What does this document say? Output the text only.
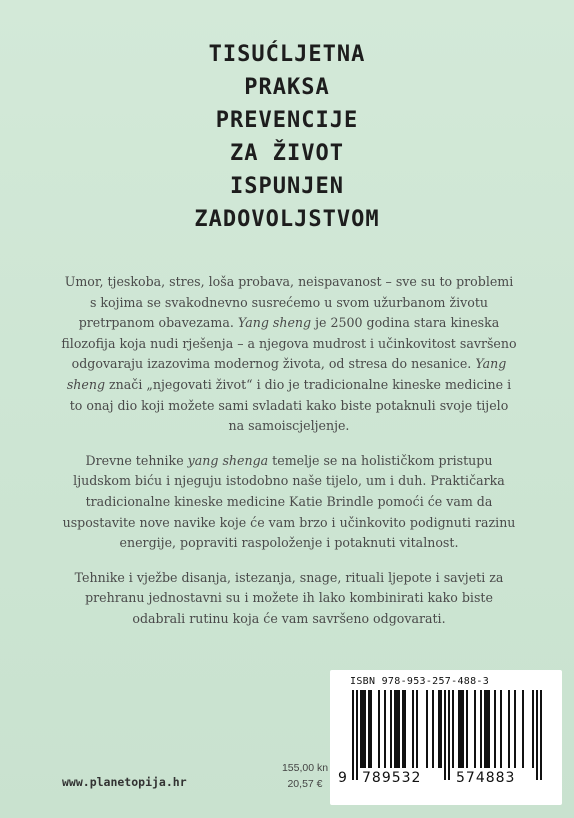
TISUĆLJETNA
PRAKSA
PREVENCIJE
ZA ŽIVOT
ISPUNJEN
ZADOVOLJSTVOM

Umor, tjeskoba, stres, loša probava, neispavanost – sve su to problemi s kojima se svakodnevno susrećemo u svom užurbanom životu pretrpanom obavezama. Yang sheng je 2500 godina stara kineska filozofija koja nudi rješenja – a njegova mudrost i učinkovitost savršeno odgovaraju izazovima modernog života, od stresa do nesanice. Yang sheng znači „njegovati život“ i dio je tradicionalne kineske medicine i to onaj dio koji možete sami svladati kako biste potaknuli svoje tijelo na samoiscjeljenje.

Drevne tehnike yang shenga temelje se na holističkom pristupu ljudskom biću i njeguju istodobno naše tijelo, um i duh. Praktičarka tradicionalne kineske medicine Katie Brindle pomoći će vam da uspostavite nove navike koje će vam brzo i učinkovito podignuti razinu energije, popraviti raspoloženje i potaknuti vitalnost.

Tehnike i vježbe disanja, istezanja, snage, rituali ljepote i savjeti za prehranu jednostavni su i možete ih lako kombinirati kako biste odabrali rutinu koja će vam savršeno odgovarati.

www.planetopija.hr
155,00 kn
20,57 €
ISBN 978-953-257-488-3
9 789532 574883
